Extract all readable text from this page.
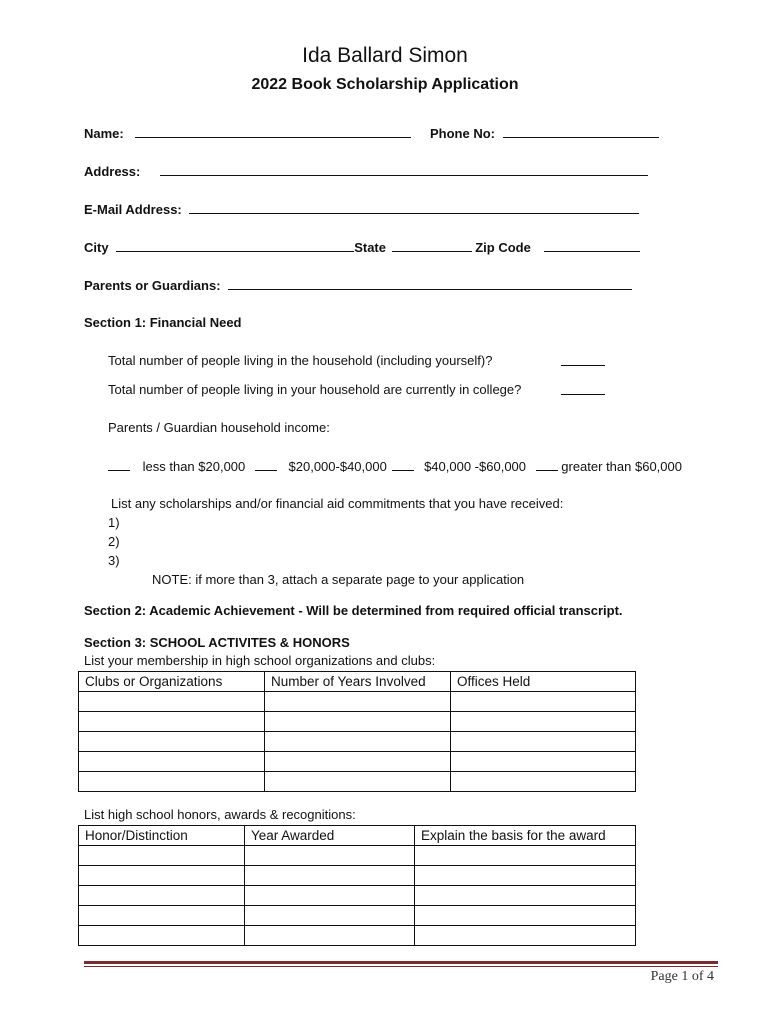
Ida Ballard Simon
2022 Book Scholarship Application
Name:	Phone No:
Address:
E-Mail Address:
City	State	Zip Code
Parents or Guardians:
Section 1: Financial Need
Total number of people living in the household (including yourself)?
Total number of people living in your household are currently in college?
Parents / Guardian household income:
less than $20,000	$20,000-$40,000	$40,000 -$60,000	greater than $60,000
List any scholarships and/or financial aid commitments that you have received:
1)
2)
3)
NOTE: if more than 3, attach a separate page to your application
Section 2: Academic Achievement - Will be determined from required official transcript.
Section 3: SCHOOL ACTIVITES & HONORS
List your membership in high school organizations and clubs:
Clubs or Organizations	Number of Years Involved	Offices Held

List high school honors, awards & recognitions:
Honor/Distinction	Year Awarded	Explain the basis for the award

Page 1 of 4
